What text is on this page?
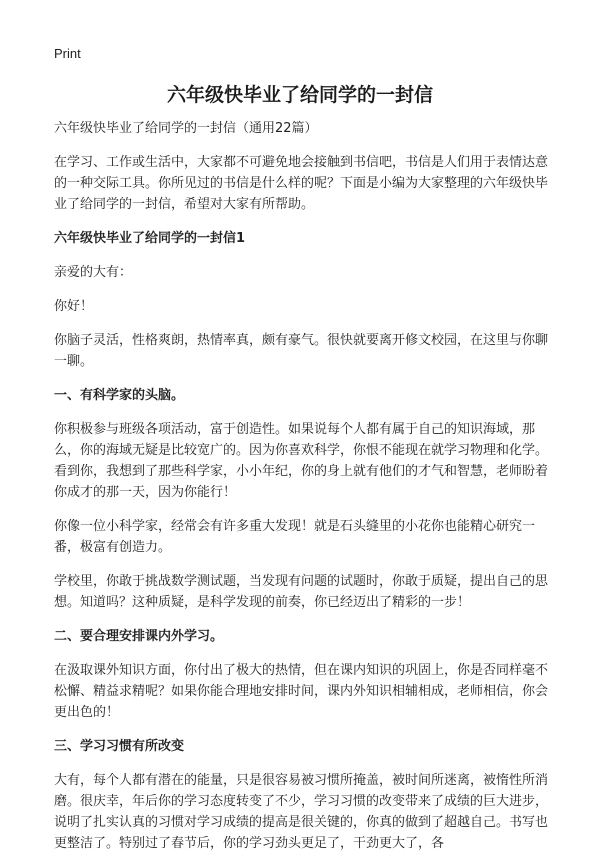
Print
六年级快毕业了给同学的一封信

六年级快毕业了给同学的一封信（通用22篇）

在学习、工作或生活中，大家都不可避免地会接触到书信吧，书信是人们用于表情达意的一种交际工具。你所见过的书信是什么样的呢？下面是小编为大家整理的六年级快毕业了给同学的一封信，希望对大家有所帮助。

六年级快毕业了给同学的一封信1

亲爱的大有：

你好！

你脑子灵活，性格爽朗，热情率真，颇有豪气。很快就要离开修文校园，在这里与你聊一聊。

一、有科学家的头脑。

你积极参与班级各项活动，富于创造性。如果说每个人都有属于自己的知识海域，那么，你的海域无疑是比较宽广的。因为你喜欢科学，你恨不能现在就学习物理和化学。看到你，我想到了那些科学家，小小年纪，你的身上就有他们的才气和智慧，老师盼着你成才的那一天，因为你能行！

你像一位小科学家，经常会有许多重大发现！就是石头缝里的小花你也能精心研究一番，极富有创造力。

学校里，你敢于挑战数学测试题，当发现有问题的试题时，你敢于质疑，提出自己的思想。知道吗？这种质疑，是科学发现的前奏，你已经迈出了精彩的一步！

二、要合理安排课内外学习。

在汲取课外知识方面，你付出了极大的热情，但在课内知识的巩固上，你是否同样毫不松懈、精益求精呢？如果你能合理地安排时间，课内外知识相辅相成，老师相信，你会更出色的！

三、学习习惯有所改变

大有，每个人都有潜在的能量，只是很容易被习惯所掩盖，被时间所迷离，被惰性所消磨。很庆幸，年后你的学习态度转变了不少，学习习惯的改变带来了成绩的巨大进步，说明了扎实认真的习惯对学习成绩的提高是很关键的，你真的做到了超越自己。书写也更整洁了。特别过了春节后，你的学习劲头更足了，干劲更大了，各
